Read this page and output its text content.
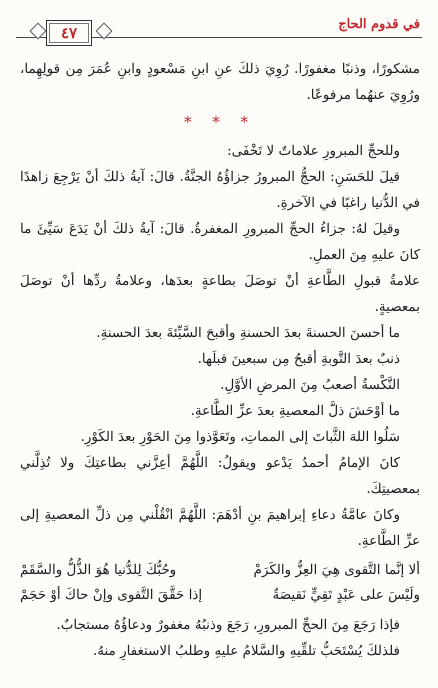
في قدوم الحاج
٤٧

مشكورًا، وذنبًا مغفورًا. رُوِيَ ذلكَ عنِ ابنِ مَسْعودٍ وابنِ عُمَرَ مِن قولِهِما، ورُوِيَ عنهُما مرفوعًا.

* * *

وللحجِّ المبرورِ علاماتٌ لا تَخْفَى:

قيلَ للحَسَنِ: الحجُّ المبرورُ جزاؤُهُ الجنَّةُ. قالَ: آيةُ ذلكَ أنْ يَرْجِعَ زاهدًا في الدُّنيا راغبًا في الآخرةِ.

وقيلَ لهُ: جزاءُ الحجِّ المبرورِ المغفرةُ. قالَ: آيةُ ذلكَ أنْ يَدَعَ سَيِّئَ ما كانَ عليهِ مِنَ العملِ.

علامةُ قبولِ الطَّاعةِ أنْ توصَلَ بطاعةٍ بعدَها، وعلامةُ ردِّها أنْ توصَلَ بمعصيةٍ.

ما أحسنَ الحسنةَ بعدَ الحسنةِ وأقبحَ السَّيِّئةَ بعدَ الحسنةِ.

ذنبٌ بعدَ التَّوبةِ أقبحُ مِن سبعينَ قبلَها.

النَّكْسةُ أصعبُ مِنَ المرضِ الأوَّلِ.

ما أوْحَشَ ذلَّ المعصيةِ بعدَ عزِّ الطَّاعةِ.

سَلُوا اللهَ الثَّباتَ إلى المماتِ، وتَعَوَّذوا مِنَ الحَوْرِ بعدَ الكَوْرِ.

كانَ الإمامُ أحمدُ يَدْعو ويقولُ: اللَّهُمَّ أعِزَّني بطاعتِكَ ولا تُذِلَّني بمعصيتِكَ.

وكانَ عامَّةُ دعاءِ إبراهيمَ بنِ أدْهَمَ: اللَّهُمَّ انْقُلْني مِن ذلِّ المعصيةِ إلى عزِّ الطَّاعةِ.

ألا إنَّما التَّقوى هِيَ العِزُّ والكَرَمْ
وحُبُّكَ لِلدُّنيا هُوَ الذُّلُّ والسَّقَمْ
ولَيْسَ على عَبْدٍ تَقِيٍّ نَقيصَةٌ
إذا حَقَّقَ التَّقوى وإنْ حاكَ أوْ حَجَمْ

فإذا رَجَعَ مِنَ الحجِّ المبرورِ، رَجَعَ وذنبُهُ مغفورٌ ودعاؤُهُ مستجابٌ.

فلذلكَ يُسْتَحَبُّ تلقِّيهِ والسَّلامُ عليهِ وطلبُ الاستغفارِ منهُ.
